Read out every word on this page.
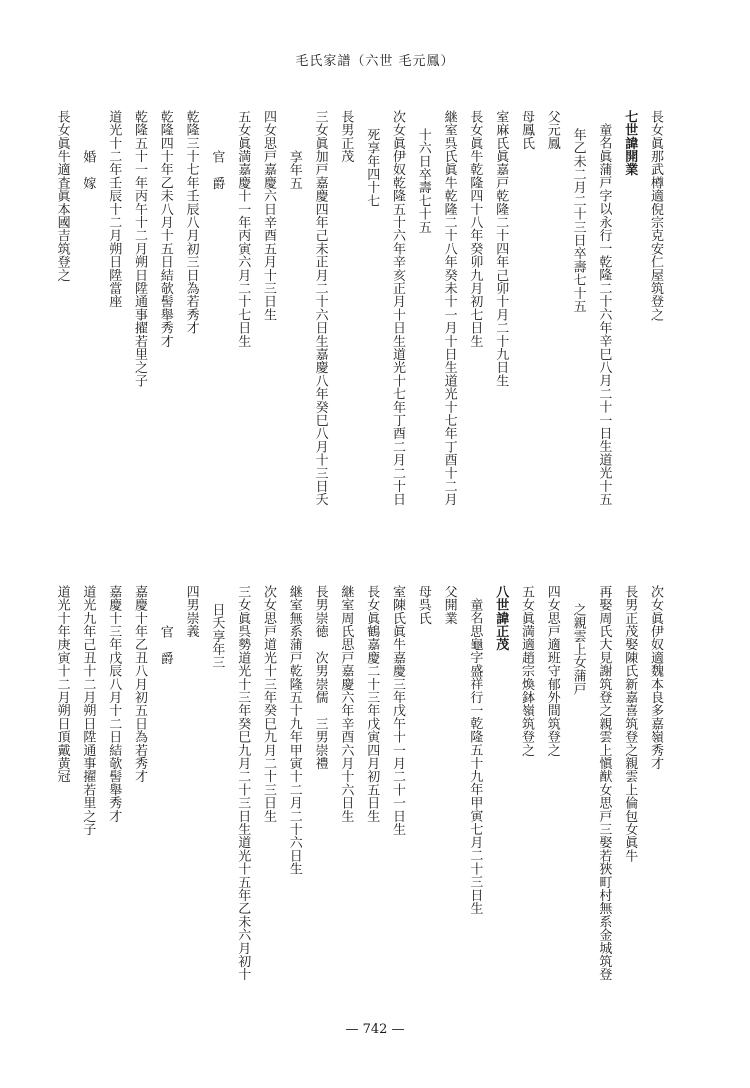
毛氏家譜（六世 毛元鳳）
長女眞那武樽適倪宗克安仁屋筑登之
七世諱開業
童名眞蒲戸字以永行一乾隆二十六年辛巳八月二十一日生道光十五
年乙未二月二十三日卒壽七十五
父元鳳
母鳳氏
室麻氏眞嘉戸乾隆二十四年己卯十月二十九日生
長女眞牛乾隆四十八年癸卯九月初七日生
継室呉氏眞牛乾隆二十八年癸未十一月十日生道光十七年丁酉十二月
十六日卒壽七十五
次女眞伊奴乾隆五十六年辛亥正月十日生道光十七年丁酉二月二十日
死享年四十七
長男正茂
三女眞加戸嘉慶四年己未正月二十六日生嘉慶八年癸巳八月十三日夭
享年五
四女思戸嘉慶六日辛酉五月十三日生
五女眞満嘉慶十一年丙寅六月二十七日生
官　爵
乾隆三十七年壬辰八月初三日為若秀才
乾隆四十年乙未八月十五日結欹髻舉秀才
乾隆五十一年丙午十二月朔日陞通事擢若里之子
道光十二年壬辰十二月朔日陞當座
婚　嫁
長女眞牛適査眞本國吉筑登之
次女眞伊奴適魏本良多嘉嶺秀才
長男正茂娶陳氏新嘉喜筑登之親雲上倫包女眞牛
再娶周氏大見謝筑登之親雲上愼猷女思戸三娶若狹町村無系金城筑登
之親雲上女蒲戸
四女思戸適班守郁外間筑登之
五女眞満適趙宗煥鉢嶺筑登之
八世諱正茂
童名思龜字盛祥行一乾隆五十九年甲寅七月二十三日生
父開業
母呉氏
室陳氏眞牛嘉慶三年戊午十一月二十一日生
長女眞鶴嘉慶二十三年戊寅四月初五日生
継室周氏思戸嘉慶六年辛酉六月十六日生
長男崇徳　次男崇儒　三男崇禮
継室無系蒲戸乾隆五十九年甲寅十二月二十六日生
次女思戸道光十三年癸巳九月二十三日生
三女眞呉勢道光十三年癸巳九月二十三日生道光十五年乙未六月初十
日夭享年三
四男崇義
官　爵
嘉慶十年乙丑八月初五日為若秀才
嘉慶十三年戊辰八月十二日結欹髻舉秀才
道光九年己丑十二月朔日陞通事擢若里之子
道光十年庚寅十二月朔日頂戴黄冠
— 742 —
